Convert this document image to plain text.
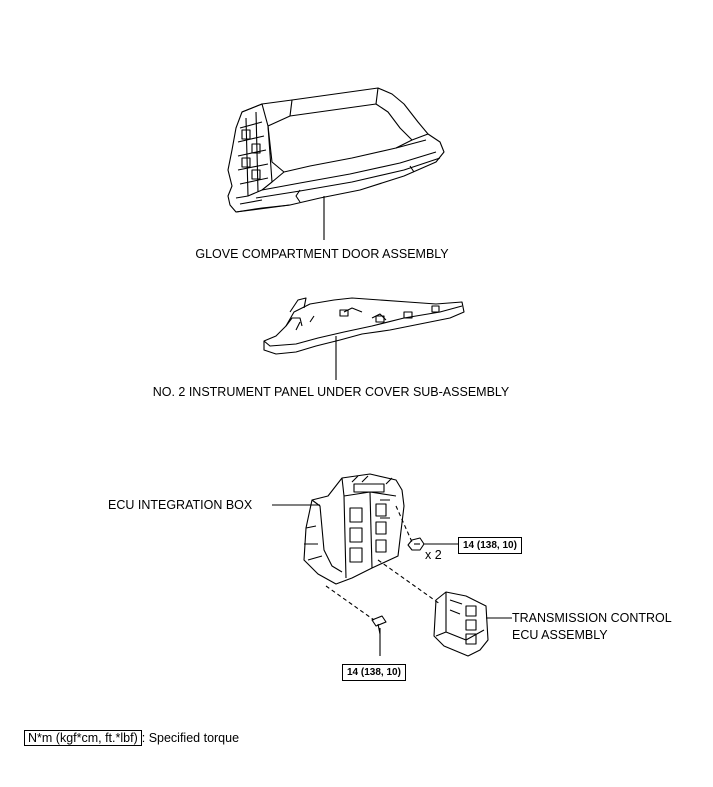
GLOVE COMPARTMENT DOOR ASSEMBLY
NO. 2 INSTRUMENT PANEL UNDER COVER SUB-ASSEMBLY
ECU INTEGRATION BOX
TRANSMISSION CONTROL
ECU ASSEMBLY
x 2
14 (138, 10)
14 (138, 10)
N*m (kgf*cm, ft.*lbf) : Specified torque
